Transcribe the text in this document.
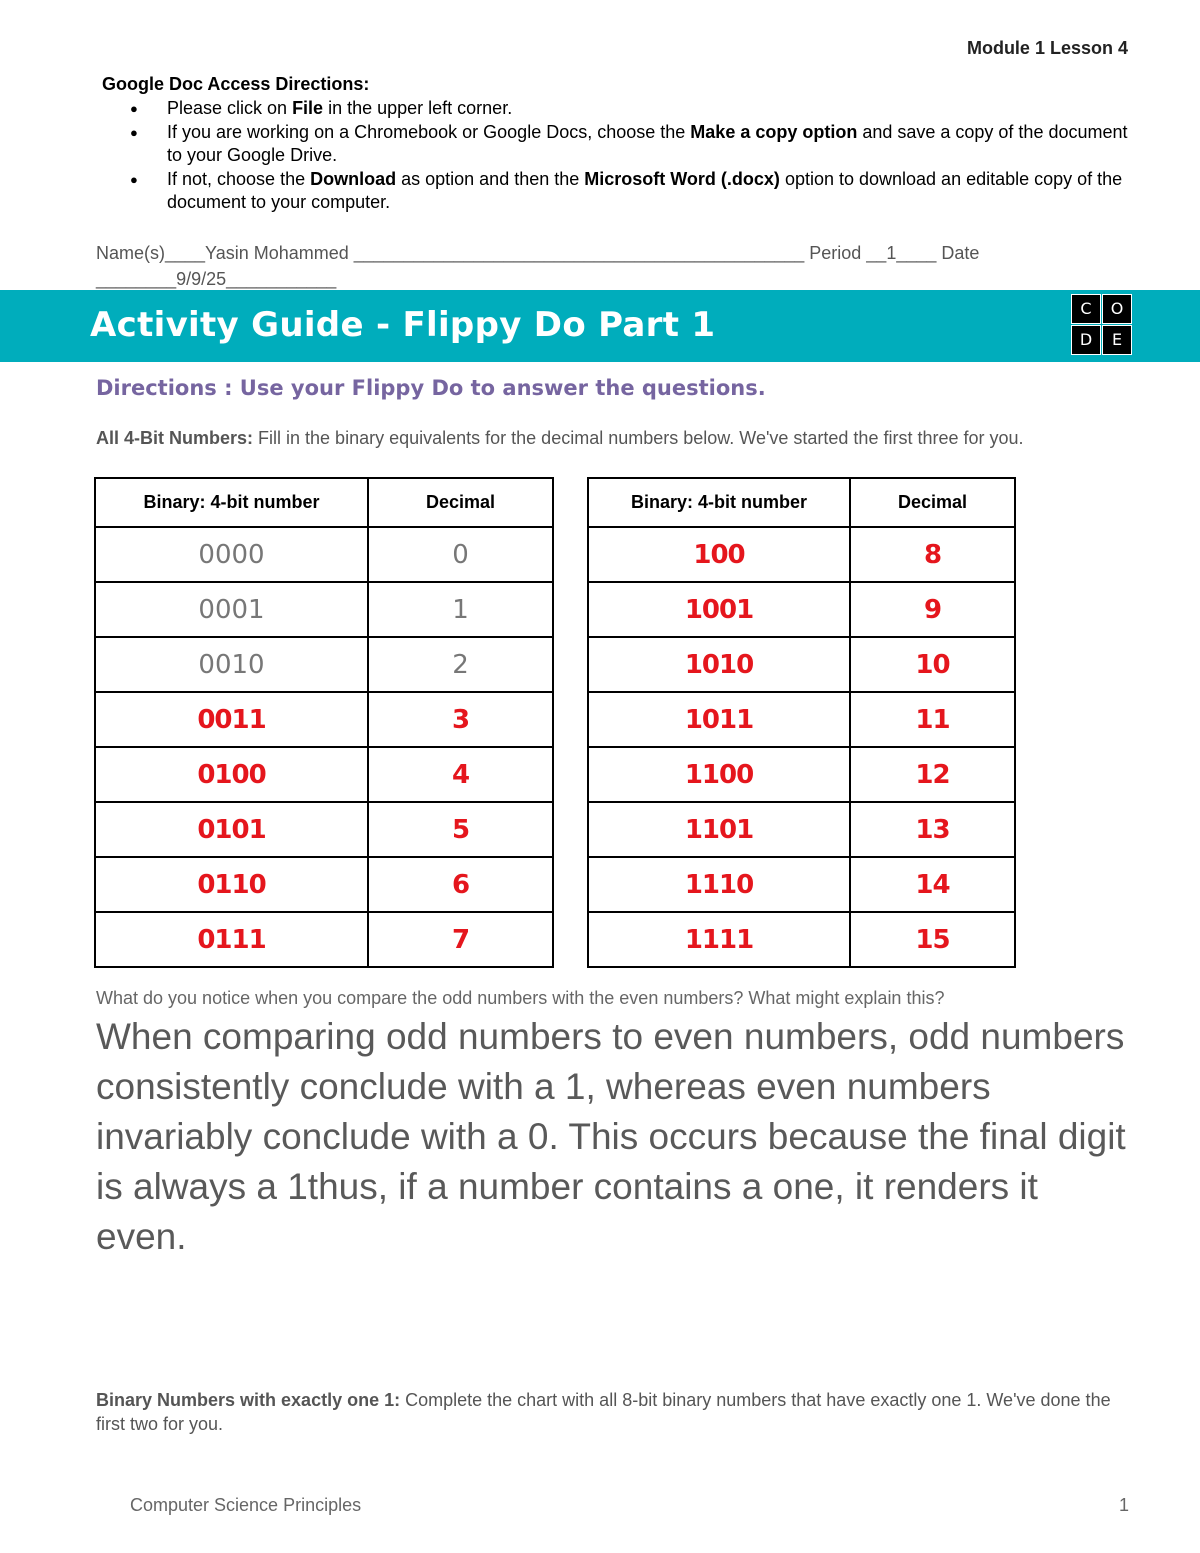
Module 1 Lesson 4
Google Doc Access Directions:
● Please click on File in the upper left corner.
● If you are working on a Chromebook or Google Docs, choose the Make a copy option and save a copy of the document to your Google Drive.
● If not, choose the Download as option and then the Microsoft Word (.docx) option to download an editable copy of the document to your computer.
Name(s)____Yasin Mohammed _____________________________________________ Period __1____ Date
________9/9/25___________
Activity Guide - Flippy Do Part 1	C	O
D	E
Directions : Use your Flippy Do to answer the questions.
All 4-Bit Numbers: Fill in the binary equivalents for the decimal numbers below. We've started the first three for you.
Binary: 4-bit number	Decimal
0000	0
0001	1
0010	2
0011	3
0100	4
0101	5
0110	6
0111	7
Binary: 4-bit number	Decimal
100	8
1001	9
1010	10
1011	11
1100	12
1101	13
1110	14
1111	15
What do you notice when you compare the odd numbers with the even numbers? What might explain this?
When comparing odd numbers to even numbers, odd numbers consistently conclude with a 1, whereas even numbers invariably conclude with a 0. This occurs because the final digit is always a 1thus, if a number contains a one, it renders it even.
Binary Numbers with exactly one 1: Complete the chart with all 8-bit binary numbers that have exactly one 1. We've done the first two for you.
Computer Science Principles	1
